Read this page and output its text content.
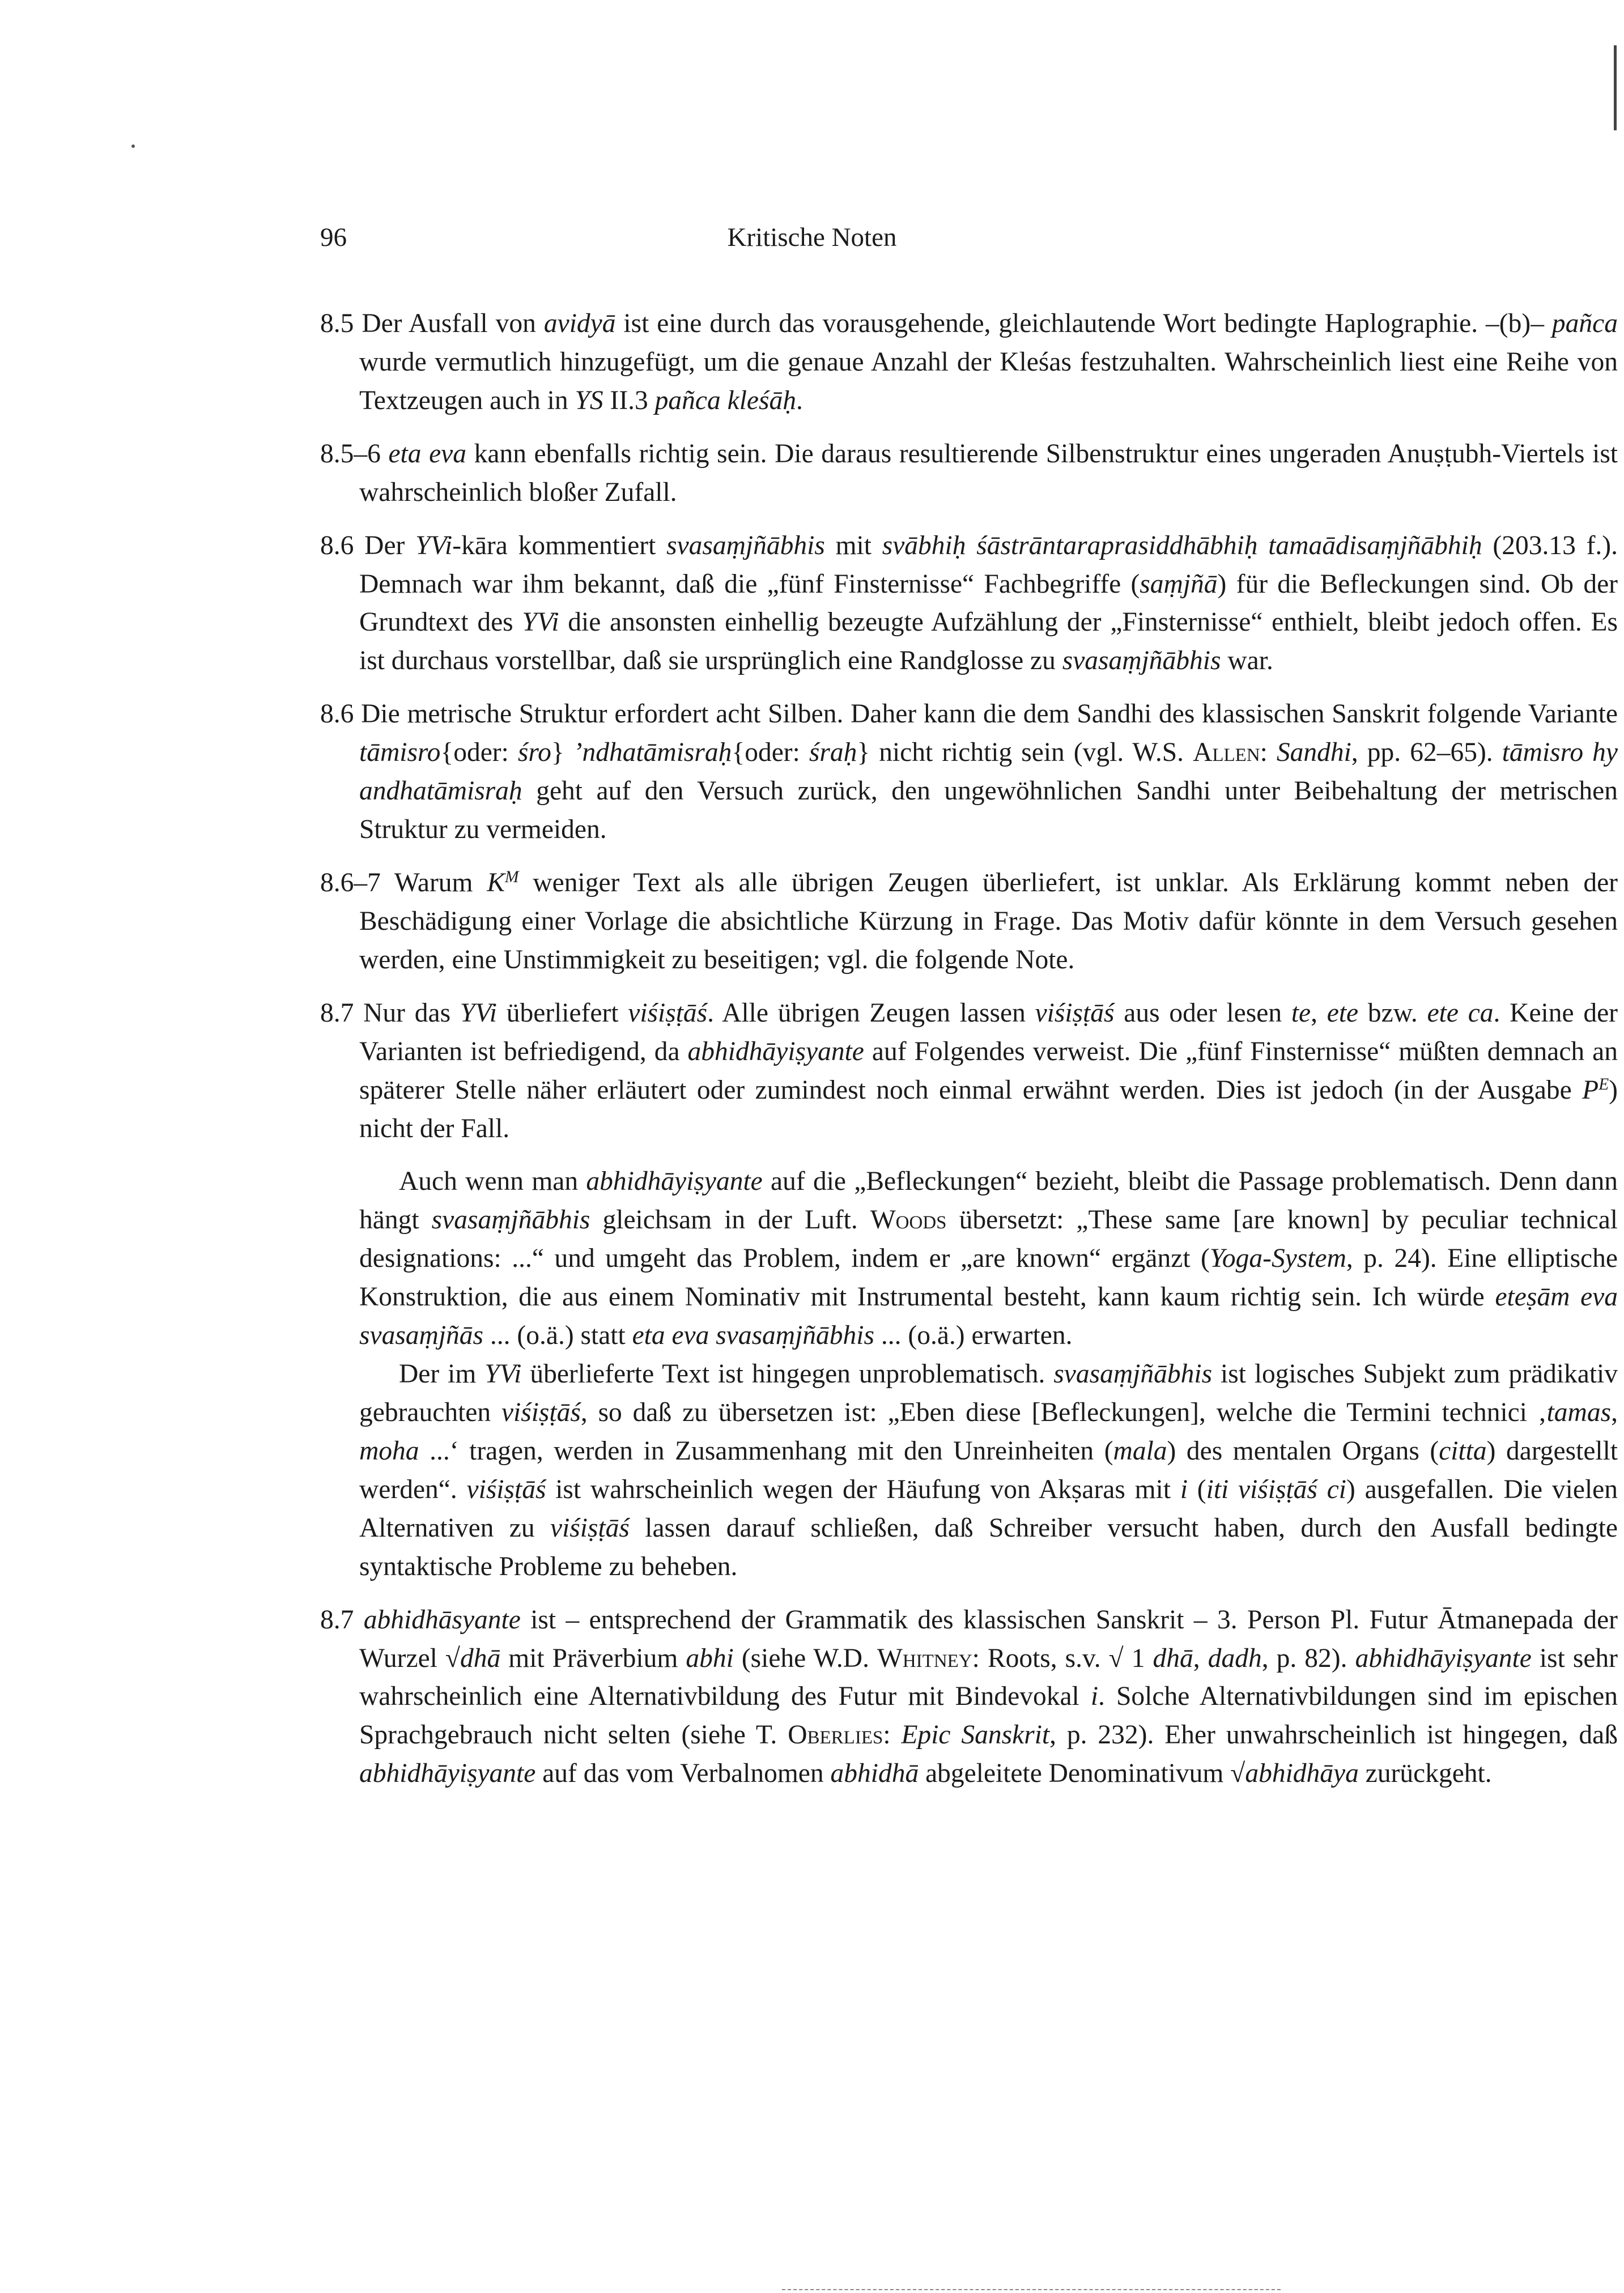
96	Kritische Noten

8.5 Der Ausfall von avidyā ist eine durch das vorausgehende, gleichlautende Wort bedingte Haplographie. –(b)– pañca wurde vermutlich hinzugefügt, um die genaue Anzahl der Kleśas festzuhalten. Wahrscheinlich liest eine Reihe von Textzeugen auch in YS II.3 pañca kleśāḥ.

8.5–6 eta eva kann ebenfalls richtig sein. Die daraus resultierende Silbenstruktur eines ungeraden Anuṣṭubh-Viertels ist wahrscheinlich bloßer Zufall.

8.6 Der YVi-kāra kommentiert svasaṃjñābhis mit svābhiḥ śāstrāntaraprasiddhābhiḥ tamaādisaṃjñābhiḥ (203.13 f.). Demnach war ihm bekannt, daß die „fünf Finsternisse“ Fachbegriffe (saṃjñā) für die Befleckungen sind. Ob der Grundtext des YVi die ansonsten einhellig bezeugte Aufzählung der „Finsternisse“ enthielt, bleibt jedoch offen. Es ist durchaus vorstellbar, daß sie ursprünglich eine Randglosse zu svasaṃjñābhis war.

8.6 Die metrische Struktur erfordert acht Silben. Daher kann die dem Sandhi des klassischen Sanskrit folgende Variante tāmisro{oder: śro} ’ndhatāmisraḥ{oder: śraḥ} nicht richtig sein (vgl. W.S. Allen: Sandhi, pp. 62–65). tāmisro hy andhatāmisraḥ geht auf den Versuch zurück, den ungewöhnlichen Sandhi unter Beibehaltung der metrischen Struktur zu vermeiden.

8.6–7 Warum $K^M$ weniger Text als alle übrigen Zeugen überliefert, ist unklar. Als Erklärung kommt neben der Beschädigung einer Vorlage die absichtliche Kürzung in Frage. Das Motiv dafür könnte in dem Versuch gesehen werden, eine Unstimmigkeit zu beseitigen; vgl. die folgende Note.

8.7 Nur das YVi überliefert viśiṣṭāś. Alle übrigen Zeugen lassen viśiṣṭāś aus oder lesen te, ete bzw. ete ca. Keine der Varianten ist befriedigend, da abhidhāyiṣyante auf Folgendes verweist. Die „fünf Finsternisse“ müßten demnach an späterer Stelle näher erläutert oder zumindest noch einmal erwähnt werden. Dies ist jedoch (in der Ausgabe $P^E$) nicht der Fall.

Auch wenn man abhidhāyiṣyante auf die „Befleckungen“ bezieht, bleibt die Passage problematisch. Denn dann hängt svasaṃjñābhis gleichsam in der Luft. Woods übersetzt: „These same [are known] by peculiar technical designations: ...“ und umgeht das Problem, indem er „are known“ ergänzt (Yoga-System, p. 24). Eine elliptische Konstruktion, die aus einem Nominativ mit Instrumental besteht, kann kaum richtig sein. Ich würde eteṣām eva svasaṃjñās ... (o.ä.) statt eta eva svasaṃjñābhis ... (o.ä.) erwarten.

Der im YVi überlieferte Text ist hingegen unproblematisch. svasaṃjñābhis ist logisches Subjekt zum prädikativ gebrauchten viśiṣṭāś, so daß zu übersetzen ist: „Eben diese [Befleckungen], welche die Termini technici ‚tamas, moha ...‘ tragen, werden in Zusammenhang mit den Unreinheiten (mala) des mentalen Organs (citta) dargestellt werden“. viśiṣṭāś ist wahrscheinlich wegen der Häufung von Akṣaras mit i (iti viśiṣṭāś ci) ausgefallen. Die vielen Alternativen zu viśiṣṭāś lassen darauf schließen, daß Schreiber versucht haben, durch den Ausfall bedingte syntaktische Probleme zu beheben.

8.7 abhidhāsyante ist – entsprechend der Grammatik des klassischen Sanskrit – 3. Person Pl. Futur Ātmanepada der Wurzel √dhā mit Präverbium abhi (siehe W.D. Whitney: Roots, s.v. √ 1 dhā, dadh, p. 82). abhidhāyiṣyante ist sehr wahrscheinlich eine Alternativbildung des Futur mit Bindevokal i. Solche Alternativbildungen sind im epischen Sprachgebrauch nicht selten (siehe T. Oberlies: Epic Sanskrit, p. 232). Eher unwahrscheinlich ist hingegen, daß abhidhāyiṣyante auf das vom Verbalnomen abhidhā abgeleitete Denominativum √abhidhāya zurückgeht.
